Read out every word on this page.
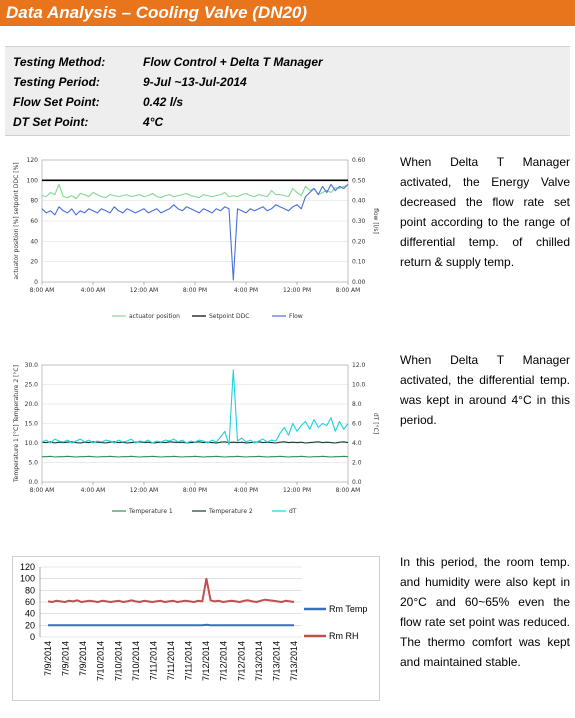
Data Analysis – Cooling Valve (DN20)
Testing Method:	Flow Control + Delta T Manager
Testing Period:	9-Jul ~13-Jul-2014
Flow Set Point:	0.42 l/s
DT Set Point:	4°C
When Delta T Manager activated, the Energy Valve decreased the flow rate set point according to the range of differential temp. of chilled return & supply temp.
When Delta T Manager activated, the differential temp. was kept in around 4°C in this period.
In this period, the room temp. and humidity were also kept in 20°C and 60~65% even the flow rate set point was reduced. The thermo comfort was kept and maintained stable.
0
20
40
60
80
100
120
0.00
0.10
0.20
0.30
0.40
0.50
0.60
8:00 AM	4:00 AM	12:00 AM	8:00 PM	4:00 PM	12:00 PM	8:00 AM
actuator position [%] setpoint DDC [%]	flow [l/s]
actuator position	Setpoint DDC	Flow
0.0
5.0
10.0
15.0
20.0
25.0
30.0
0.0
2.0
4.0
6.0
8.0
10.0
12.0
8:00 AM	4:00 AM	12:00 AM	8:00 PM	4:00 PM	12:00 PM	8:00 AM
Temperature 1 [°C] Temperature 2 [°C]	dT [°C]
Temperature 1	Temperature 2	dT
0
20
40
60
80
100
120
7/9/2014 7/9/2014 7/9/2014 7/10/2014 7/10/2014 7/10/2014 7/11/2014 7/11/2014 7/11/2014 7/12/2014 7/12/2014 7/12/2014 7/13/2014 7/13/2014 7/13/2014
Rm Temp
Rm RH
